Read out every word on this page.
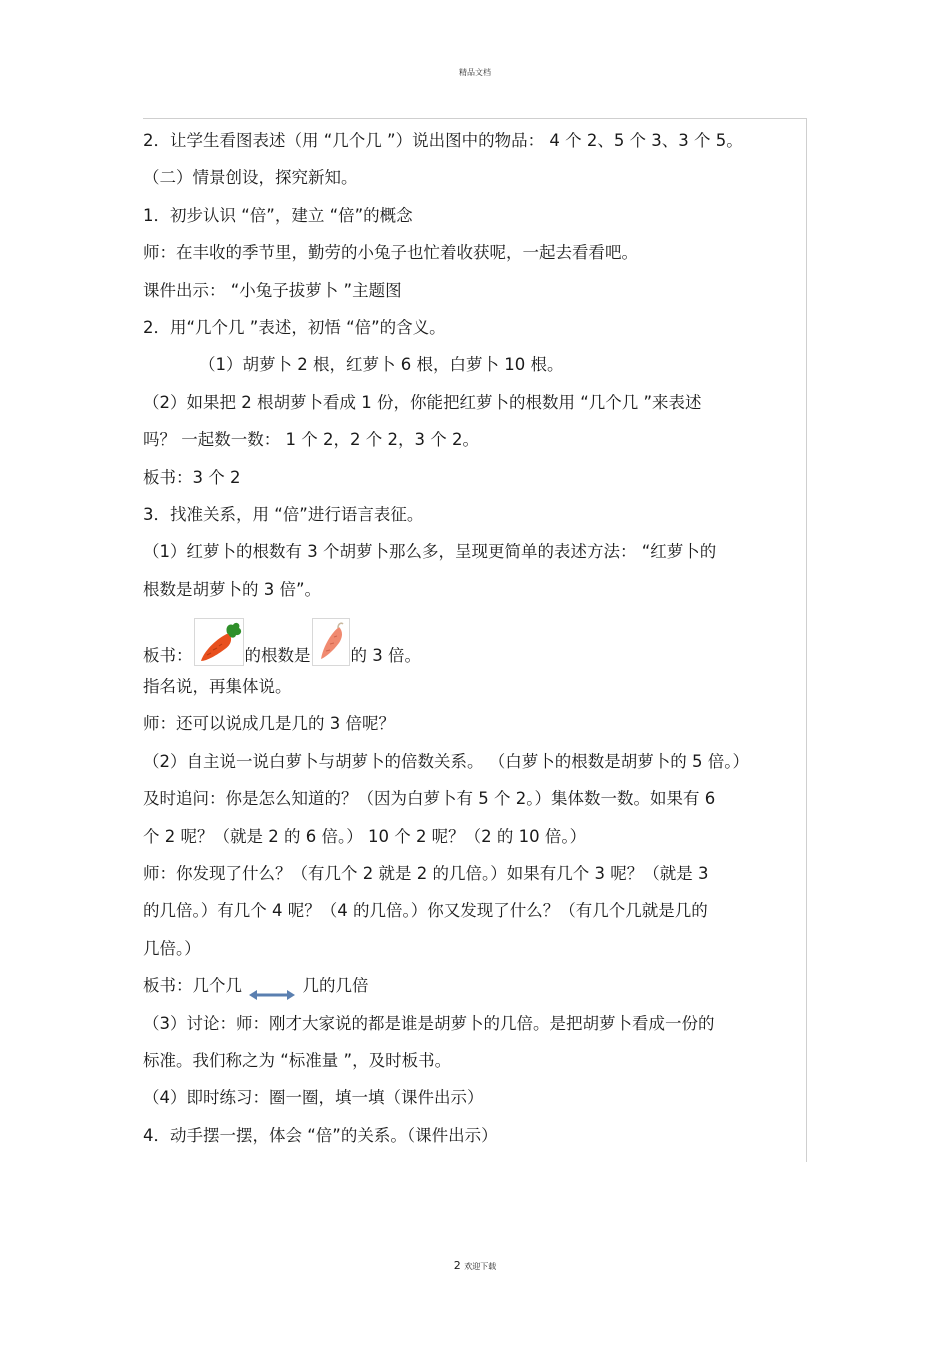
精品文档
2．让学生看图表述（用 “几个几 ”）说出图中的物品： 4 个 2、5 个 3、3 个 5。
（二）情景创设，探究新知。
1．初步认识 “倍”，建立 “倍”的概念
师：在丰收的季节里，勤劳的小兔子也忙着收获呢，一起去看看吧。
课件出示： “小兔子拔萝卜 ”主题图
2．用“几个几 ”表述，初悟 “倍”的含义。
（1）胡萝卜 2 根，红萝卜 6 根，白萝卜 10 根。
（2）如果把 2 根胡萝卜看成 1 份，你能把红萝卜的根数用 “几个几 ”来表述
吗？ 一起数一数： 1 个 2，2 个 2，3 个 2。
板书：3 个 2
3．找准关系，用 “倍”进行语言表征。
（1）红萝卜的根数有 3 个胡萝卜那么多，呈现更简单的表述方法： “红萝卜的
根数是胡萝卜的 3 倍”。
板书：	的根数是 的 3 倍。
指名说，再集体说。
师：还可以说成几是几的 3 倍呢？
（2）自主说一说白萝卜与胡萝卜的倍数关系。 （白萝卜的根数是胡萝卜的 5 倍。）
及时追问：你是怎么知道的？（因为白萝卜有 5 个 2。）集体数一数。如果有 6
个 2 呢？（就是 2 的 6 倍。） 10 个 2 呢？（2 的 10 倍。）
师：你发现了什么？（有几个 2 就是 2 的几倍。）如果有几个 3 呢？（就是 3
的几倍。）有几个 4 呢？（4 的几倍。）你又发现了什么？（有几个几就是几的
几倍。）
板书：几个几	几的几倍
（3）讨论：师：刚才大家说的都是谁是胡萝卜的几倍。是把胡萝卜看成一份的
标准。我们称之为 “标准量 ”，及时板书。
（4）即时练习：圈一圈，填一填（课件出示）
4．动手摆一摆，体会 “倍”的关系。（课件出示）
2 欢迎下载
